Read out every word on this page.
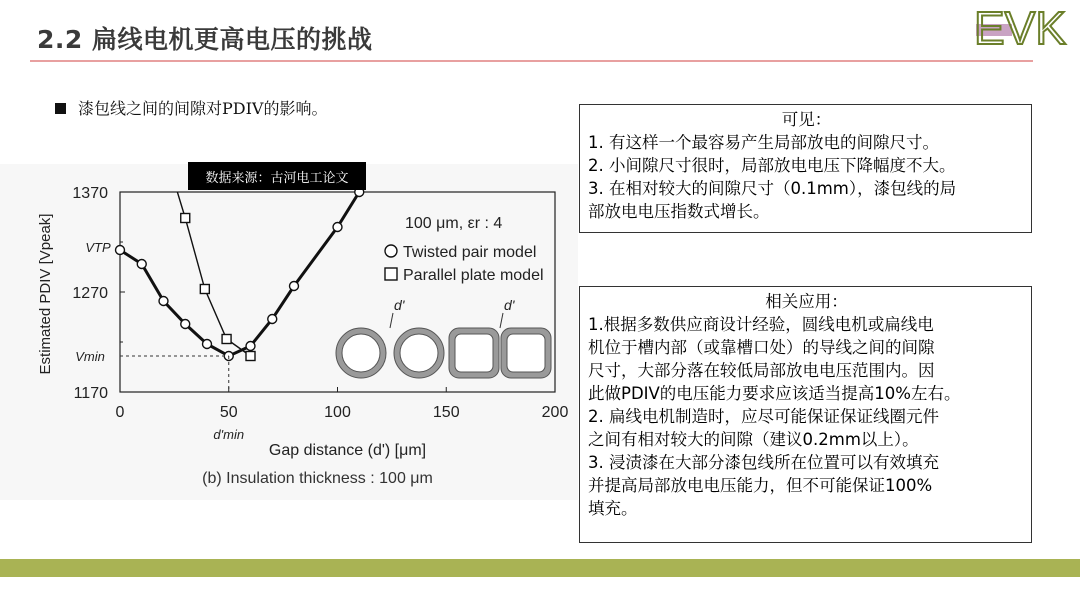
2.2 扁线电机更高电压的挑战	EVK
漆包线之间的间隙对PDIV的影响。
0	50	100	150	200
1170
1270
1370
Gap distance (d') [μm]
Estimated PDIV [Vpeak]
(b) Insulation thickness : 100 μm
Vmin
VTP
d'min
100 μm, εr : 4
Twisted pair model
Parallel plate model
d'	d'
数据来源：古河电工论文
可见：
1. 有这样一个最容易产生局部放电的间隙尺寸。
2. 小间隙尺寸很时，局部放电电压下降幅度不大。
3. 在相对较大的间隙尺寸（0.1mm），漆包线的局
部放电电压指数式增长。
相关应用：
1.根据多数供应商设计经验，圆线电机或扁线电
机位于槽内部（或靠槽口处）的导线之间的间隙
尺寸，大部分落在较低局部放电电压范围内。因
此做PDIV的电压能力要求应该适当提高10%左右。
2. 扁线电机制造时，应尽可能保证保证线圈元件
之间有相对较大的间隙（建议0.2mm以上）。
3. 浸渍漆在大部分漆包线所在位置可以有效填充
并提高局部放电电压能力，但不可能保证100%
填充。
